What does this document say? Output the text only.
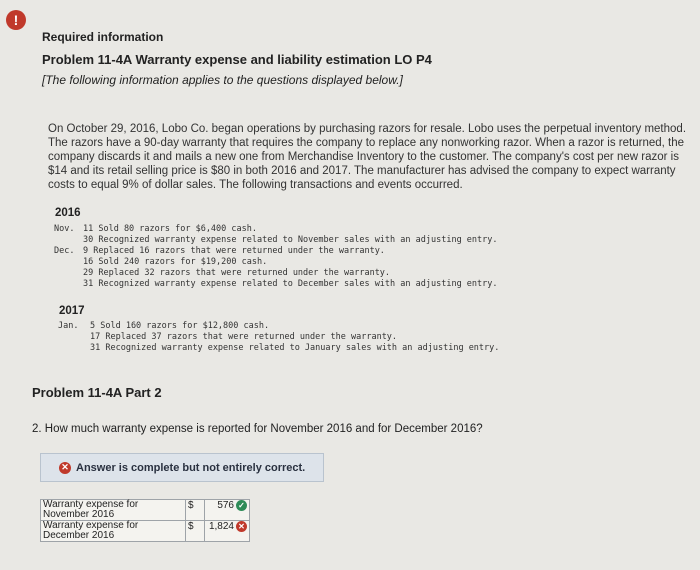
!
Required information
Problem 11-4A Warranty expense and liability estimation LO P4
[The following information applies to the questions displayed below.]
On October 29, 2016, Lobo Co. began operations by purchasing razors for resale. Lobo uses the perpetual inventory method. The razors have a 90-day warranty that requires the company to replace any nonworking razor. When a razor is returned, the company discards it and mails a new one from Merchandise Inventory to the customer. The company's cost per new razor is $14 and its retail selling price is $80 in both 2016 and 2017. The manufacturer has advised the company to expect warranty costs to equal 9% of dollar sales. The following transactions and events occurred.
2016
Nov. 11 Sold 80 razors for $6,400 cash.
30 Recognized warranty expense related to November sales with an adjusting entry.
Dec. 9 Replaced 16 razors that were returned under the warranty.
16 Sold 240 razors for $19,200 cash.
29 Replaced 32 razors that were returned under the warranty.
31 Recognized warranty expense related to December sales with an adjusting entry.
2017
Jan. 5 Sold 160 razors for $12,800 cash.
17 Replaced 37 razors that were returned under the warranty.
31 Recognized warranty expense related to January sales with an adjusting entry.
Problem 11-4A Part 2
2. How much warranty expense is reported for November 2016 and for December 2016?
✕ Answer is complete but not entirely correct.
Warranty expense for November 2016	$	576 ✓
Warranty expense for December 2016	$	1,824 ✕
